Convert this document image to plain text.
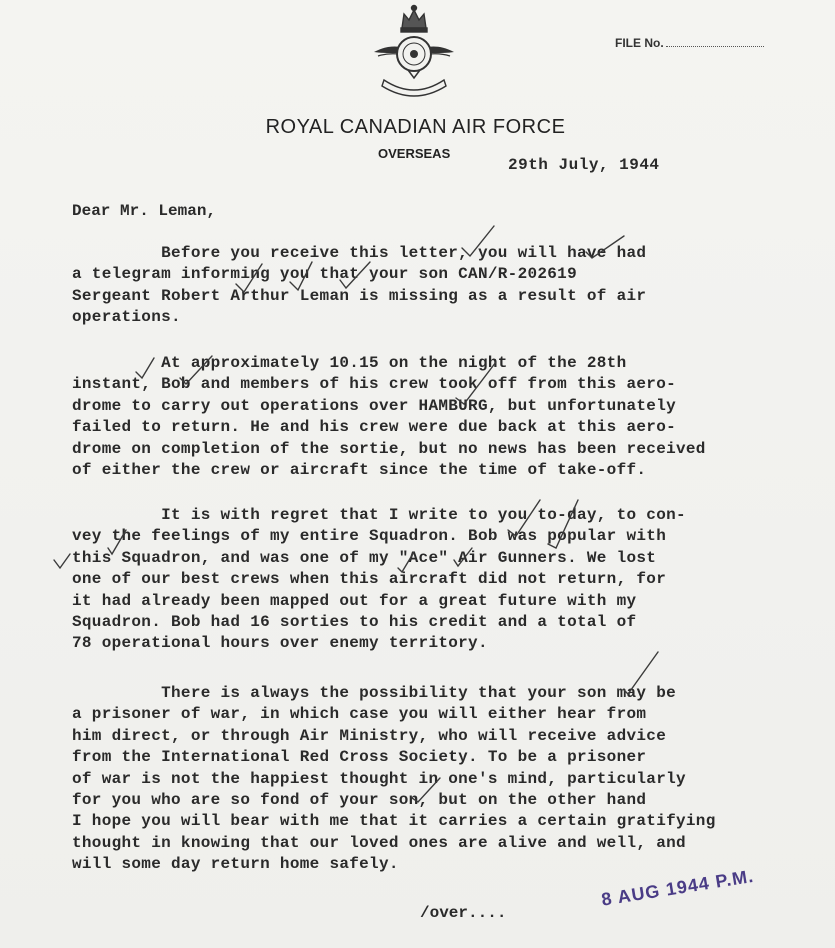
FILE No.
ROYAL CANADIAN AIR FORCE
OVERSEAS
29th July, 1944
Dear Mr. Leman,

Before you receive this letter, you will have had
a telegram informing you that your son CAN/R-202619
Sergeant Robert Arthur Leman is missing as a result of air
operations.

At approximately 10.15 on the night of the 28th
instant, Bob and members of his crew took off from this aero-
drome to carry out operations over HAMBURG, but unfortunately
failed to return. He and his crew were due back at this aero-
drome on completion of the sortie, but no news has been received
of either the crew or aircraft since the time of take-off.

It is with regret that I write to you to-day, to con-
vey the feelings of my entire Squadron. Bob was popular with
this Squadron, and was one of my "Ace" Air Gunners. We lost
one of our best crews when this aircraft did not return, for
it had already been mapped out for a great future with my
Squadron. Bob had 16 sorties to his credit and a total of
78 operational hours over enemy territory.

There is always the possibility that your son may be
a prisoner of war, in which case you will either hear from
him direct, or through Air Ministry, who will receive advice
from the International Red Cross Society. To be a prisoner
of war is not the happiest thought in one's mind, particularly
for you who are so fond of your son, but on the other hand
I hope you will bear with me that it carries a certain gratifying
thought in knowing that our loved ones are alive and well, and
will some day return home safely.

/over....
8 AUG 1944 P.M.
